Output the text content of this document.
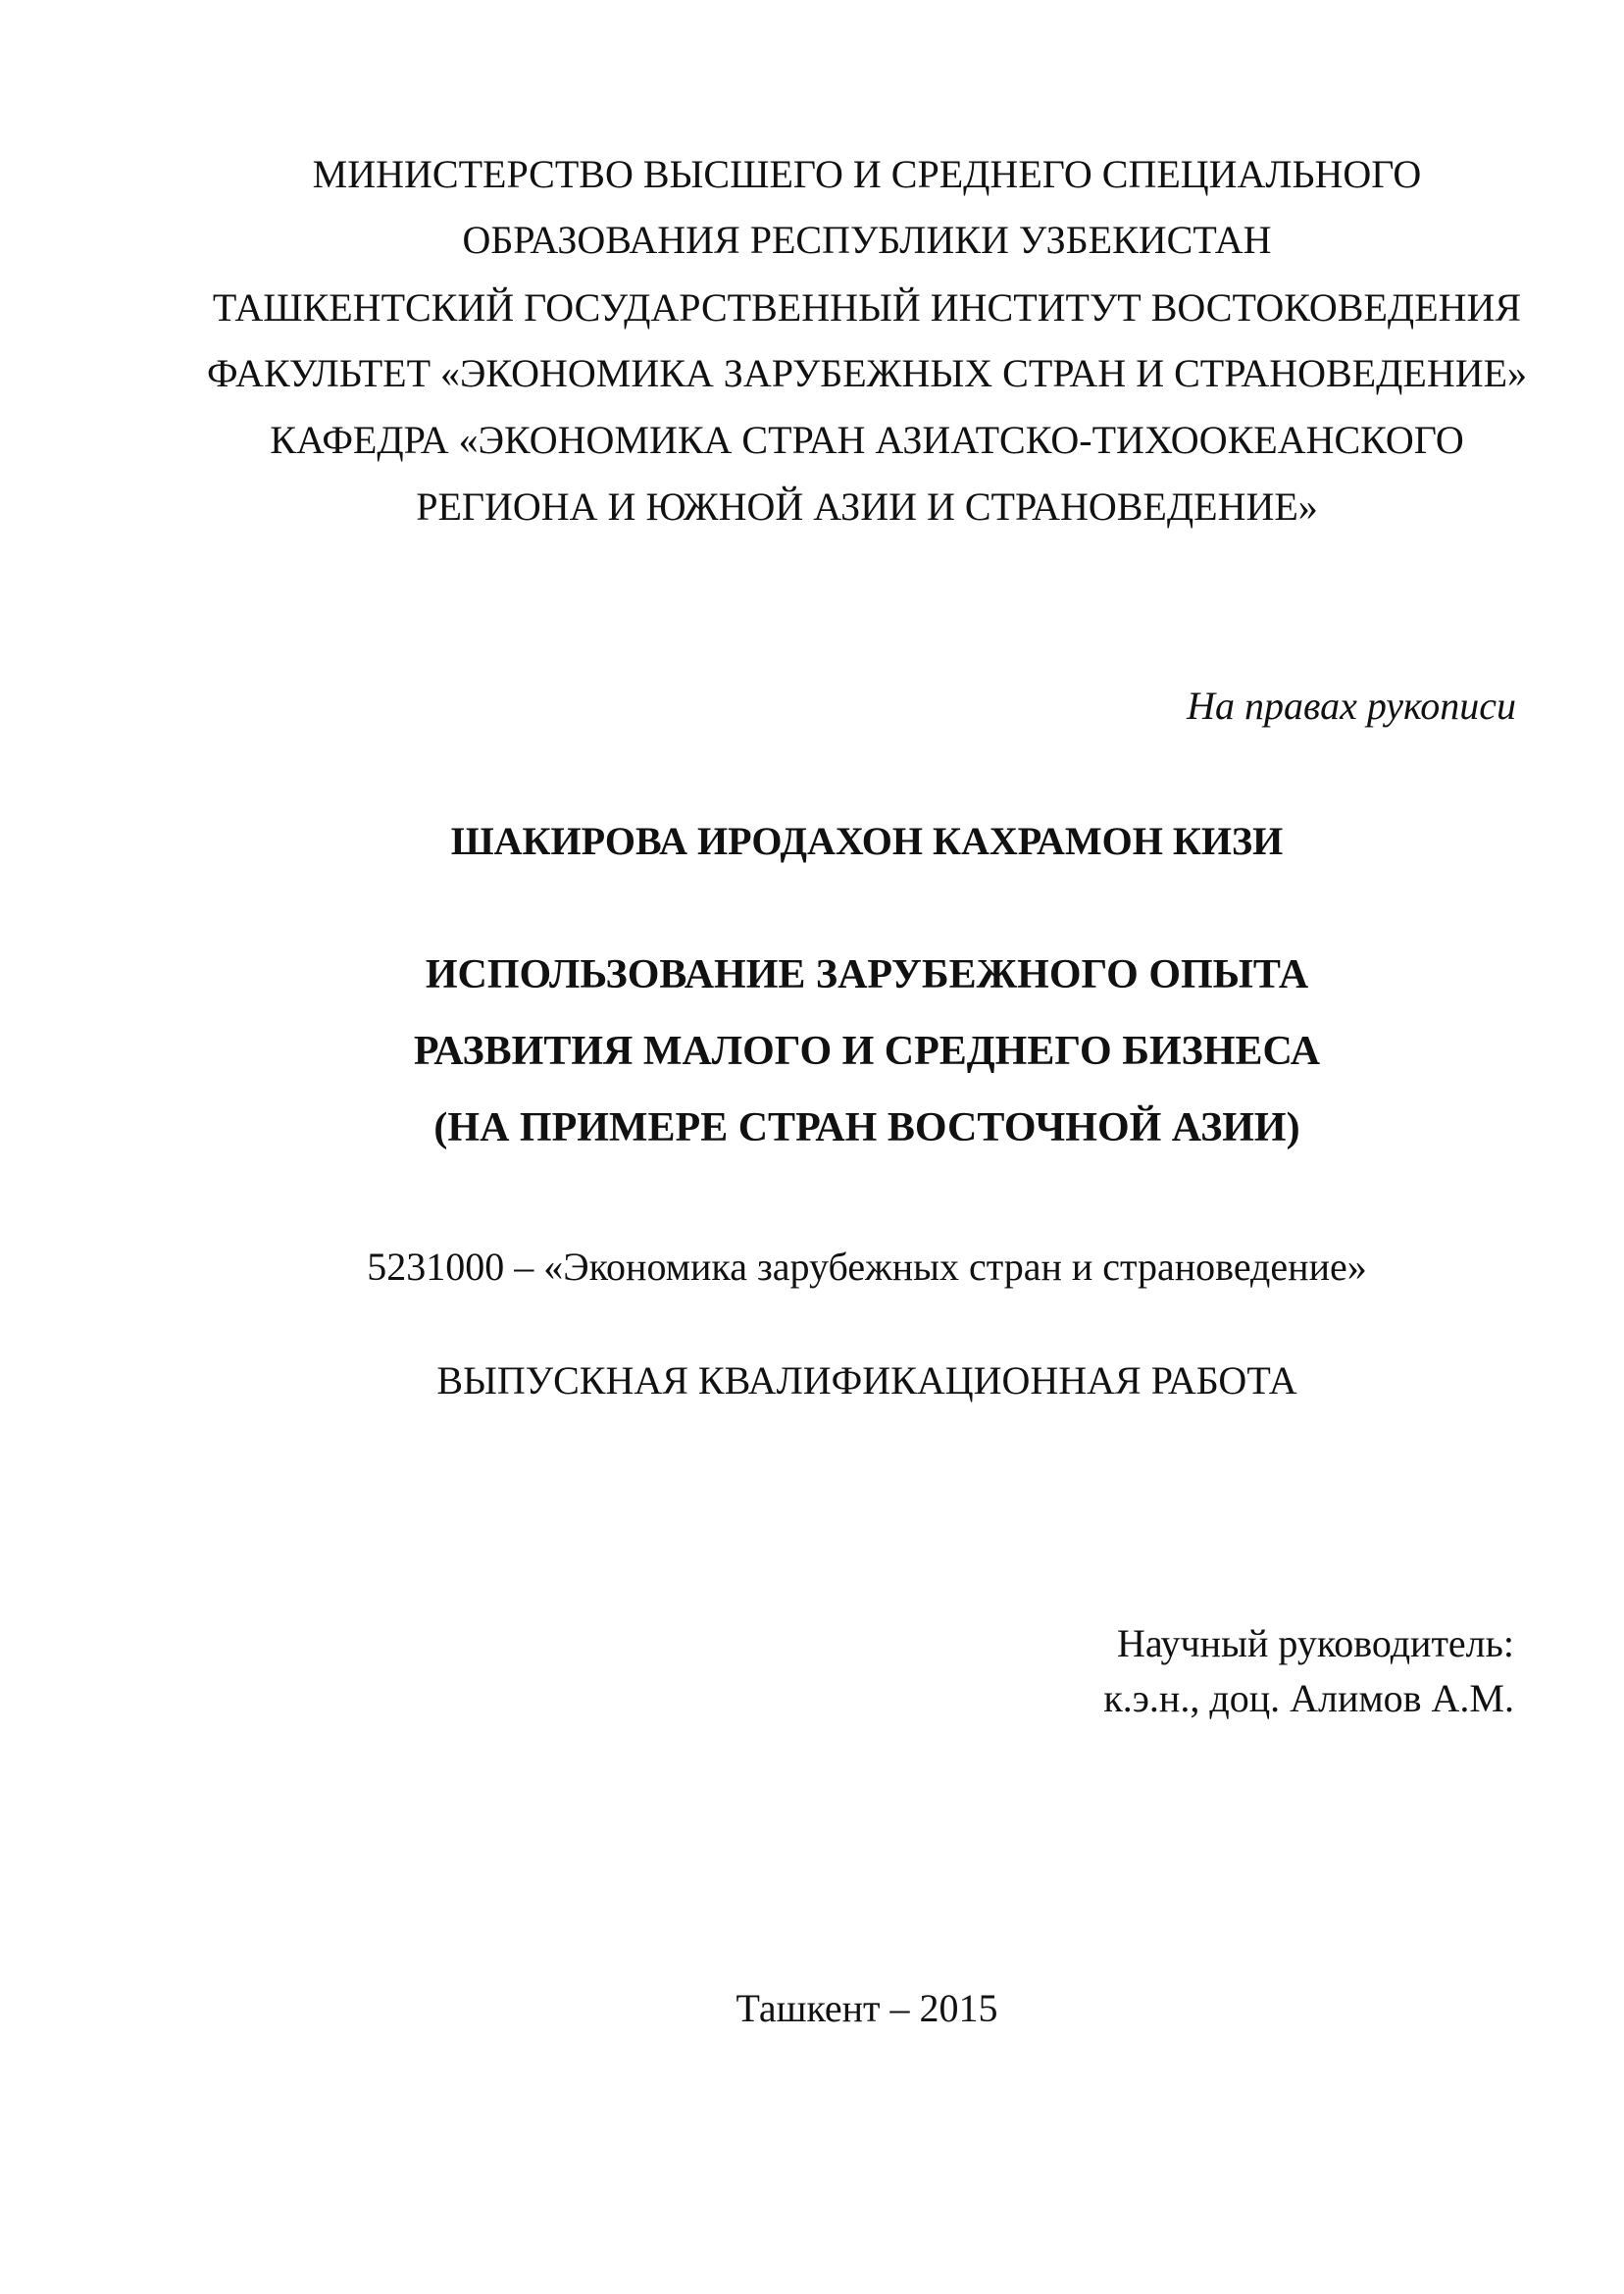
МИНИСТЕРСТВО ВЫСШЕГО И СРЕДНЕГО СПЕЦИАЛЬНОГО
ОБРАЗОВАНИЯ РЕСПУБЛИКИ УЗБЕКИСТАН
ТАШКЕНТСКИЙ ГОСУДАРСТВЕННЫЙ ИНСТИТУТ ВОСТОКОВЕДЕНИЯ
ФАКУЛЬТЕТ «ЭКОНОМИКА ЗАРУБЕЖНЫХ СТРАН И СТРАНОВЕДЕНИЕ»
КАФЕДРА «ЭКОНОМИКА СТРАН АЗИАТСКО-ТИХООКЕАНСКОГО
РЕГИОНА И ЮЖНОЙ АЗИИ И СТРАНОВЕДЕНИЕ»
На правах рукописи
ШАКИРОВА ИРОДАХОН КАХРАМОН КИЗИ
ИСПОЛЬЗОВАНИЕ ЗАРУБЕЖНОГО ОПЫТА
РАЗВИТИЯ МАЛОГО И СРЕДНЕГО БИЗНЕСА
(НА ПРИМЕРЕ СТРАН ВОСТОЧНОЙ АЗИИ)
5231000 – «Экономика зарубежных стран и страноведение»
ВЫПУСКНАЯ КВАЛИФИКАЦИОННАЯ РАБОТА
Научный руководитель:
к.э.н., доц. Алимов А.М.
Ташкент – 2015
